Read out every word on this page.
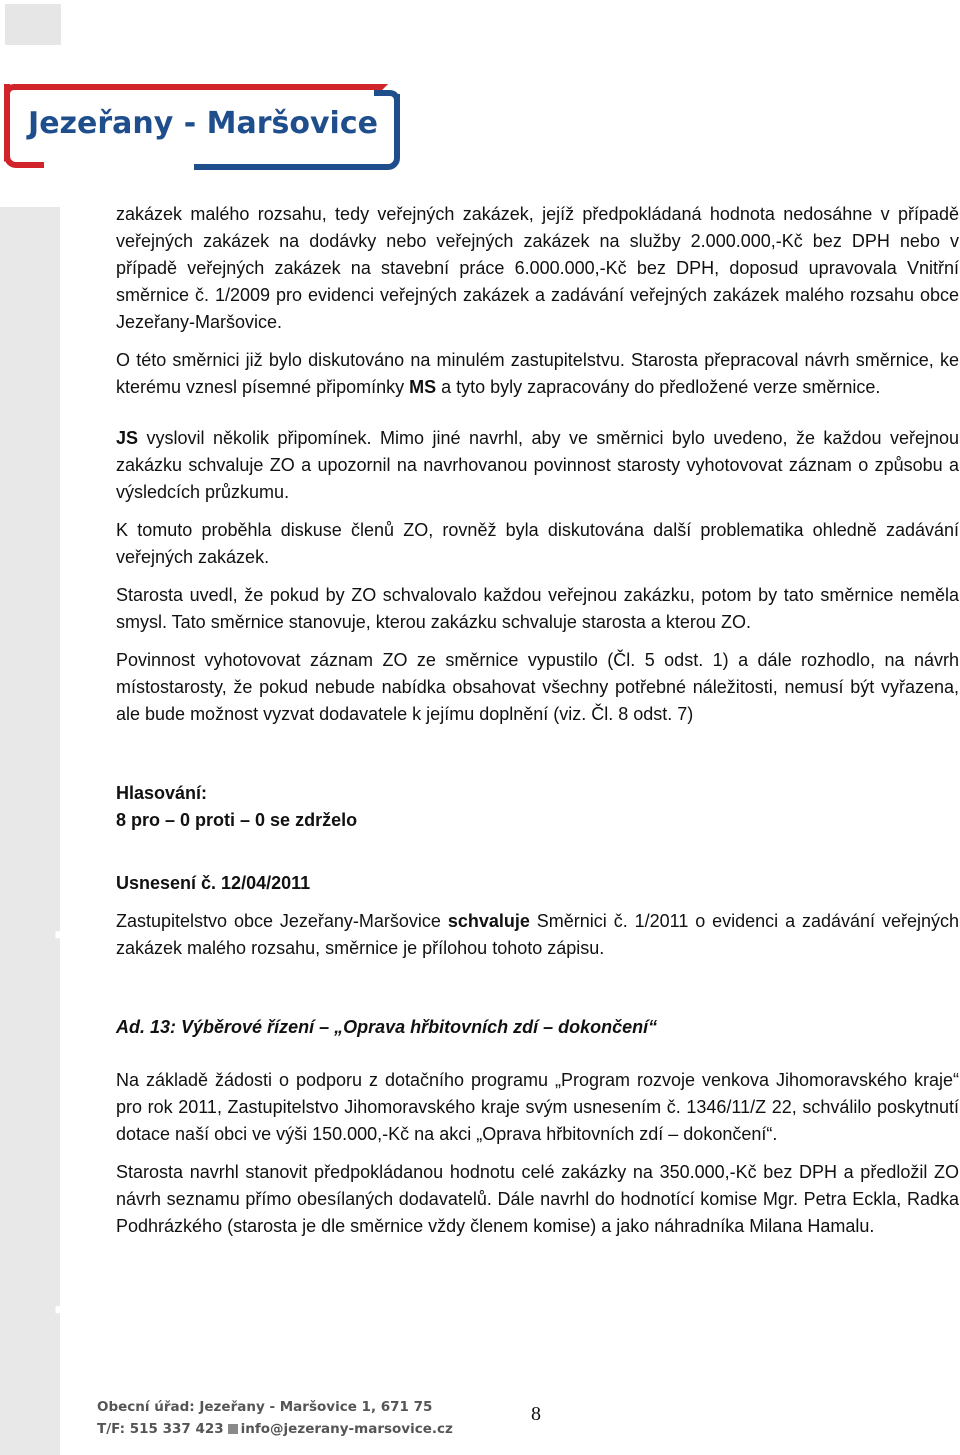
Jezeřany - Maršovice
www.jezerany-marsovice.cz

zakázek malého rozsahu, tedy veřejných zakázek, jejíž předpokládaná hodnota nedosáhne v případě veřejných zakázek na dodávky nebo veřejných zakázek na služby 2.000.000,-Kč bez DPH nebo v případě veřejných zakázek na stavební práce 6.000.000,-Kč bez DPH, doposud upravovala Vnitřní směrnice č. 1/2009 pro evidenci veřejných zakázek a zadávání veřejných zakázek malého rozsahu obce Jezeřany-Maršovice.

O této směrnici již bylo diskutováno na minulém zastupitelstvu. Starosta přepracoval návrh směrnice, ke kterému vznesl písemné připomínky MS a tyto byly zapracovány do předložené verze směrnice.

JS vyslovil několik připomínek. Mimo jiné navrhl, aby ve směrnici bylo uvedeno, že každou veřejnou zakázku schvaluje ZO a upozornil na navrhovanou povinnost starosty vyhotovovat záznam o způsobu a výsledcích průzkumu.

K tomuto proběhla diskuse členů ZO, rovněž byla diskutována další problematika ohledně zadávání veřejných zakázek.

Starosta uvedl, že pokud by ZO schvalovalo každou veřejnou zakázku, potom by tato směrnice neměla smysl. Tato směrnice stanovuje, kterou zakázku schvaluje starosta a kterou ZO.

Povinnost vyhotovovat záznam ZO ze směrnice vypustilo (Čl. 5 odst. 1) a dále rozhodlo, na návrh místostarosty, že pokud nebude nabídka obsahovat všechny potřebné náležitosti, nemusí být vyřazena, ale bude možnost vyzvat dodavatele k jejímu doplnění (viz. Čl. 8 odst. 7)

Hlasování:

8 pro – 0 proti – 0 se zdrželo

Usnesení č. 12/04/2011

Zastupitelstvo obce Jezeřany-Maršovice schvaluje Směrnici č. 1/2011 o evidenci a zadávání veřejných zakázek malého rozsahu, směrnice je přílohou tohoto zápisu.

Ad. 13: Výběrové řízení – „Oprava hřbitovních zdí – dokončení“

Na základě žádosti o podporu z dotačního programu „Program rozvoje venkova Jihomoravského kraje“ pro rok 2011, Zastupitelstvo Jihomoravského kraje svým usnesením č. 1346/11/Z 22, schválilo poskytnutí dotace naší obci ve výši 150.000,-Kč na akci „Oprava hřbitovních zdí – dokončení“.

Starosta navrhl stanovit předpokládanou hodnotu celé zakázky na 350.000,-Kč bez DPH a předložil ZO návrh seznamu přímo obesílaných dodavatelů. Dále navrhl do hodnotící komise Mgr. Petra Eckla, Radka Podhrázkého (starosta je dle směrnice vždy členem komise) a jako náhradníka Milana Hamalu.

Obecní úřad: Jezeřany - Maršovice 1, 671 75
T/F: 515 337 423 info@jezerany-marsovice.cz
8
